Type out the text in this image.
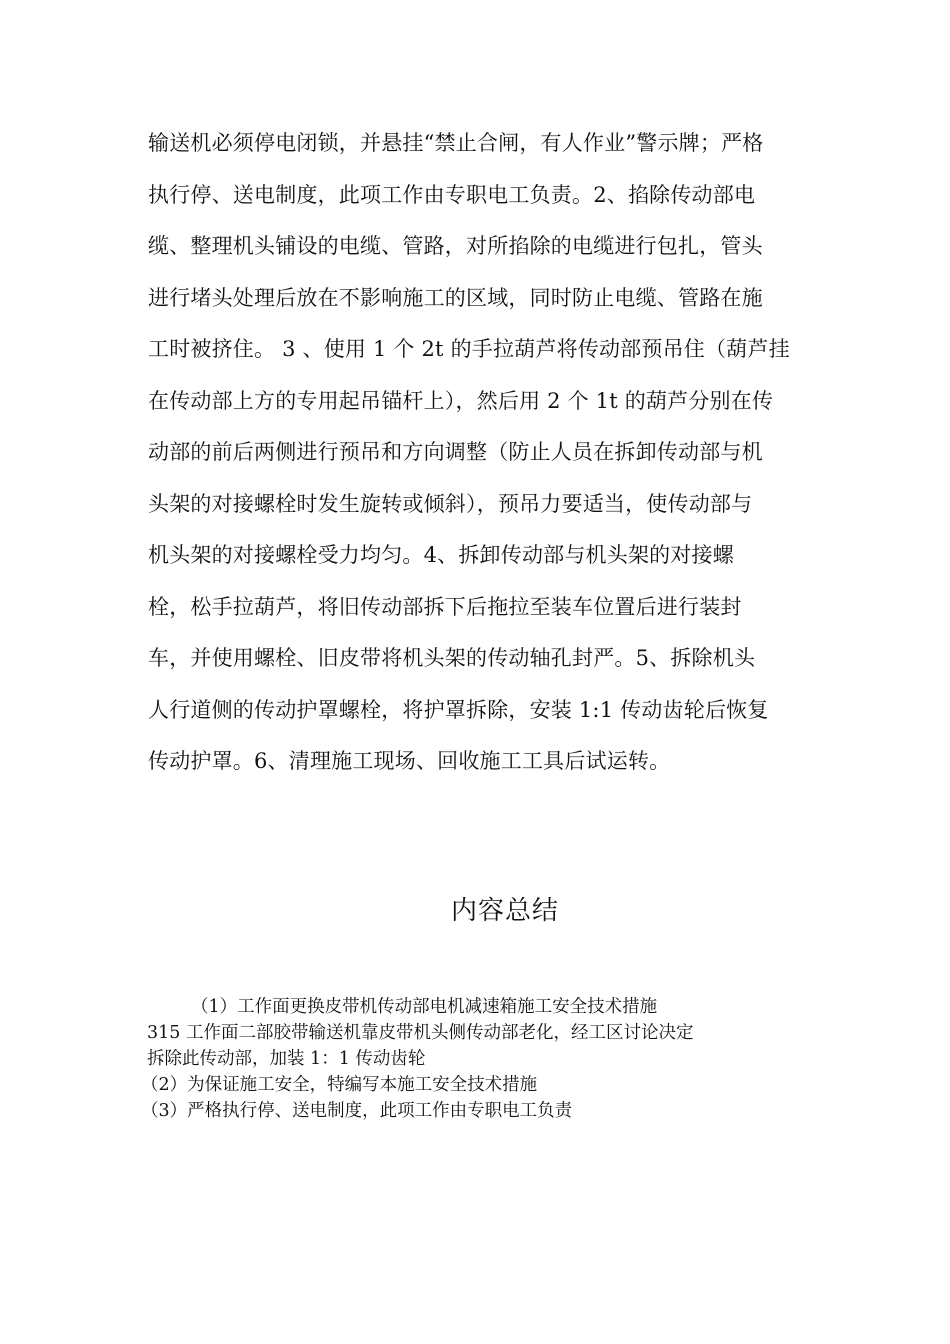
输送机必须停电闭锁，并悬挂“禁止合闸，有人作业”警示牌；严格
执行停、送电制度，此项工作由专职电工负责。2、掐除传动部电
缆、整理机头铺设的电缆、管路，对所掐除的电缆进行包扎，管头
进行堵头处理后放在不影响施工的区域，同时防止电缆、管路在施
工时被挤住。 3 、使用 1 个 2t 的手拉葫芦将传动部预吊住（葫芦挂
在传动部上方的专用起吊锚杆上），然后用 2 个 1t 的葫芦分别在传
动部的前后两侧进行预吊和方向调整（防止人员在拆卸传动部与机
头架的对接螺栓时发生旋转或倾斜），预吊力要适当，使传动部与
机头架的对接螺栓受力均匀。4、拆卸传动部与机头架的对接螺
栓，松手拉葫芦，将旧传动部拆下后拖拉至装车位置后进行装封
车，并使用螺栓、旧皮带将机头架的传动轴孔封严。5、拆除机头
人行道侧的传动护罩螺栓，将护罩拆除，安装 1:1 传动齿轮后恢复
传动护罩。6、清理施工现场、回收施工工具后试运转。
内容总结
（1）工作面更换皮带机传动部电机减速箱施工安全技术措施
315 工作面二部胶带输送机靠皮带机头侧传动部老化，经工区讨论决定
拆除此传动部，加装 1：1 传动齿轮
（2）为保证施工安全，特编写本施工安全技术措施
（3）严格执行停、送电制度，此项工作由专职电工负责
